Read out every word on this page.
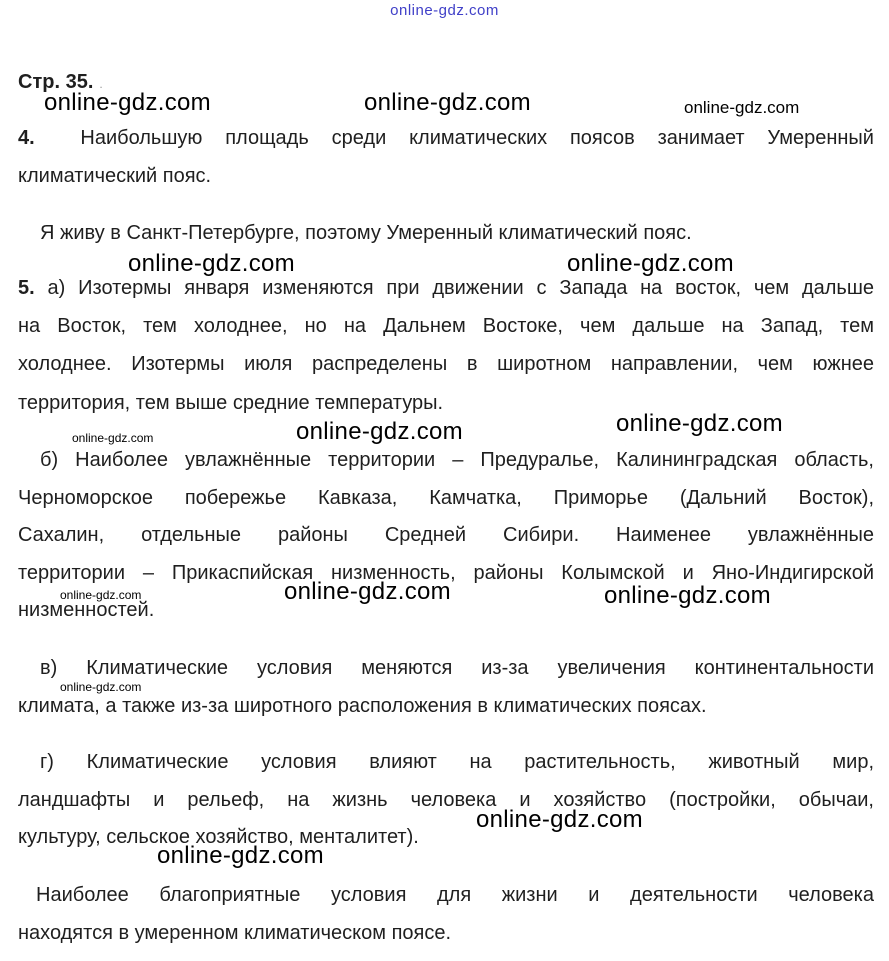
online-gdz.com
Стр. 35. .
4. Наибольшую площадь среди климатических поясов занимает Умеренный
климатический пояс.
Я живу в Санкт-Петербурге, поэтому Умеренный климатический пояс.
5. а) Изотермы января изменяются при движении с Запада на восток, чем дальше
на Восток, тем холоднее, но на Дальнем Востоке, чем дальше на Запад, тем
холоднее. Изотермы июля распределены в широтном направлении, чем южнее
территория, тем выше средние температуры.
б) Наиболее увлажнённые территории – Предуралье, Калининградская область,
Черноморское побережье Кавказа, Камчатка, Приморье (Дальний Восток),
Сахалин, отдельные районы Средней Сибири. Наименее увлажнённые
территории – Прикаспийская низменность, районы Колымской и Яно-Индигирской
низменностей.
в) Климатические условия меняются из-за увеличения континентальности
климата, а также из-за широтного расположения в климатических поясах.
г) Климатические условия влияют на растительность, животный мир,
ландшафты и рельеф, на жизнь человека и хозяйство (постройки, обычаи,
культуру, сельское хозяйство, менталитет).
Наиболее благоприятные условия для жизни и деятельности человека
находятся в умеренном климатическом поясе.
online-gdz.com	online-gdz.com	online-gdz.com
online-gdz.com	online-gdz.com
online-gdz.com	online-gdz.com	online-gdz.com
online-gdz.com	online-gdz.com	online-gdz.com
online-gdz.com
online-gdz.com
online-gdz.com
